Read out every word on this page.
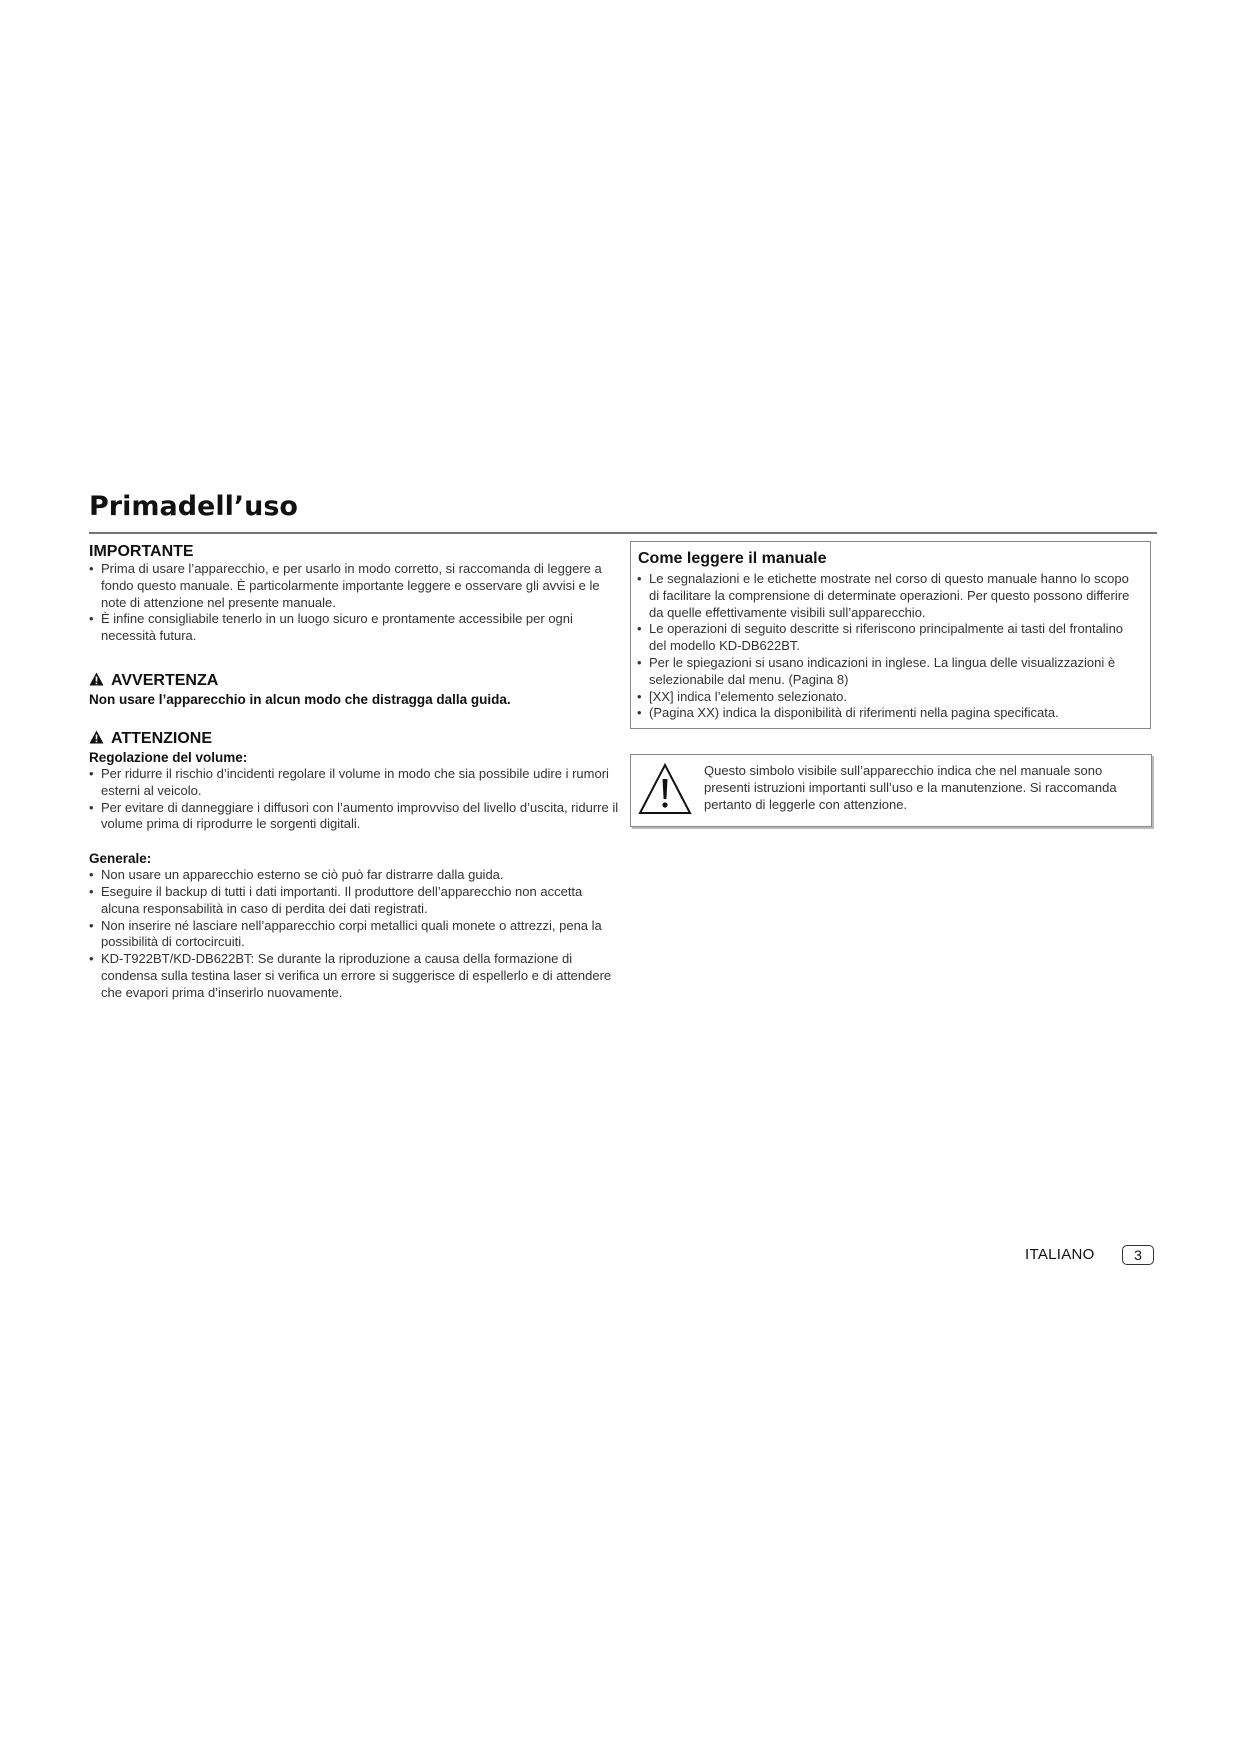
Primadell’uso
IMPORTANTE
• Prima di usare l’apparecchio, e per usarlo in modo corretto, si raccomanda di leggere a fondo questo manuale. È particolarmente importante leggere e osservare gli avvisi e le note di attenzione nel presente manuale.
• È infine consigliabile tenerlo in un luogo sicuro e prontamente accessibile per ogni necessità futura.
AVVERTENZA

Non usare l’apparecchio in alcun modo che distragga dalla guida.

ATTENZIONE

Regolazione del volume:

• Per ridurre il rischio d’incidenti regolare il volume in modo che sia possibile udire i rumori esterni al veicolo.
• Per evitare di danneggiare i diffusori con l’aumento improvviso del livello d’uscita, ridurre il volume prima di riprodurre le sorgenti digitali.

Generale:

• Non usare un apparecchio esterno se ciò può far distrarre dalla guida.
• Eseguire il backup di tutti i dati importanti. Il produttore dell’apparecchio non accetta alcuna responsabilità in caso di perdita dei dati registrati.
• Non inserire né lasciare nell’apparecchio corpi metallici quali monete o attrezzi, pena la possibilità di cortocircuiti.
• KD-T922BT/KD-DB622BT: Se durante la riproduzione a causa della formazione di condensa sulla testina laser si verifica un errore si suggerisce di espellerlo e di attendere che evapori prima d’inserirlo nuovamente.
Come leggere il manuale
• Le segnalazioni e le etichette mostrate nel corso di questo manuale hanno lo scopo di facilitare la comprensione di determinate operazioni. Per questo possono differire da quelle effettivamente visibili sull’apparecchio.
• Le operazioni di seguito descritte si riferiscono principalmente ai tasti del frontalino del modello KD-DB622BT.
• Per le spiegazioni si usano indicazioni in inglese. La lingua delle visualizzazioni è selezionabile dal menu. (Pagina 8)
• [XX] indica l’elemento selezionato.
• (Pagina XX) indica la disponibilità di riferimenti nella pagina specificata.
Questo simbolo visibile sull’apparecchio indica che nel manuale sono presenti istruzioni importanti sull’uso e la manutenzione. Si raccomanda pertanto di leggerle con attenzione.
ITALIANO	3
